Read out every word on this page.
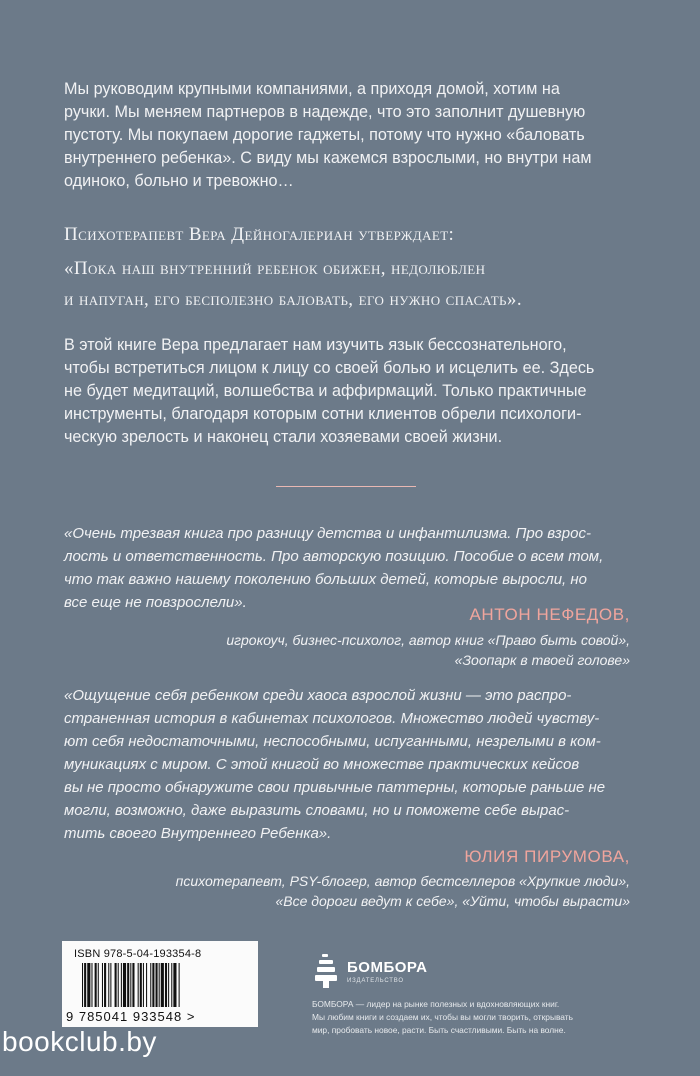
Мы руководим крупными компаниями, а приходя домой, хотим на
ручки. Мы меняем партнеров в надежде, что это заполнит душевную
пустоту. Мы покупаем дорогие гаджеты, потому что нужно «баловать
внутреннего ребенка». С виду мы кажемся взрослыми, но внутри нам
одиноко, больно и тревожно…
Психотерапевт Вера Дейногалериан утверждает:
«Пока наш внутренний ребенок обижен, недолюблен
и напуган, его бесполезно баловать, его нужно спасать».
В этой книге Вера предлагает нам изучить язык бессознательного,
чтобы встретиться лицом к лицу со своей болью и исцелить ее. Здесь
не будет медитаций, волшебства и аффирмаций. Только практичные
инструменты, благодаря которым сотни клиентов обрели психологи-
ческую зрелость и наконец стали хозяевами своей жизни.
«Очень трезвая книга про разницу детства и инфантилизма. Про взрос-
лость и ответственность. Про авторскую позицию. Пособие о всем том,
что так важно нашему поколению больших детей, которые выросли, но
все еще не повзрослели».
АНТОН НЕФЕДОВ,
игрокоуч, бизнес-психолог, автор книг «Право быть совой»,
«Зоопарк в твоей голове»
«Ощущение себя ребенком среди хаоса взрослой жизни — это распро-
страненная история в кабинетах психологов. Множество людей чувству-
ют себя недостаточными, неспособными, испуганными, незрелыми в ком-
муникациях с миром. С этой книгой во множестве практических кейсов
вы не просто обнаружите свои привычные паттерны, которые раньше не
могли, возможно, даже выразить словами, но и поможете себе вырас-
тить своего Внутреннего Ребенка».
ЮЛИЯ ПИРУМОВА,
психотерапевт, PSY-блогер, автор бестселлеров «Хрупкие люди»,
«Все дороги ведут к себе», «Уйти, чтобы вырасти»
ISBN 978-5-04-193354-8
9 785041 933548 >
БОМБОРА
ИЗДАТЕЛЬСТВО
БОМБОРА — лидер на рынке полезных и вдохновляющих книг.
Мы любим книги и создаем их, чтобы вы могли творить, открывать
мир, пробовать новое, расти. Быть счастливыми. Быть на волне.
bookclub.by
